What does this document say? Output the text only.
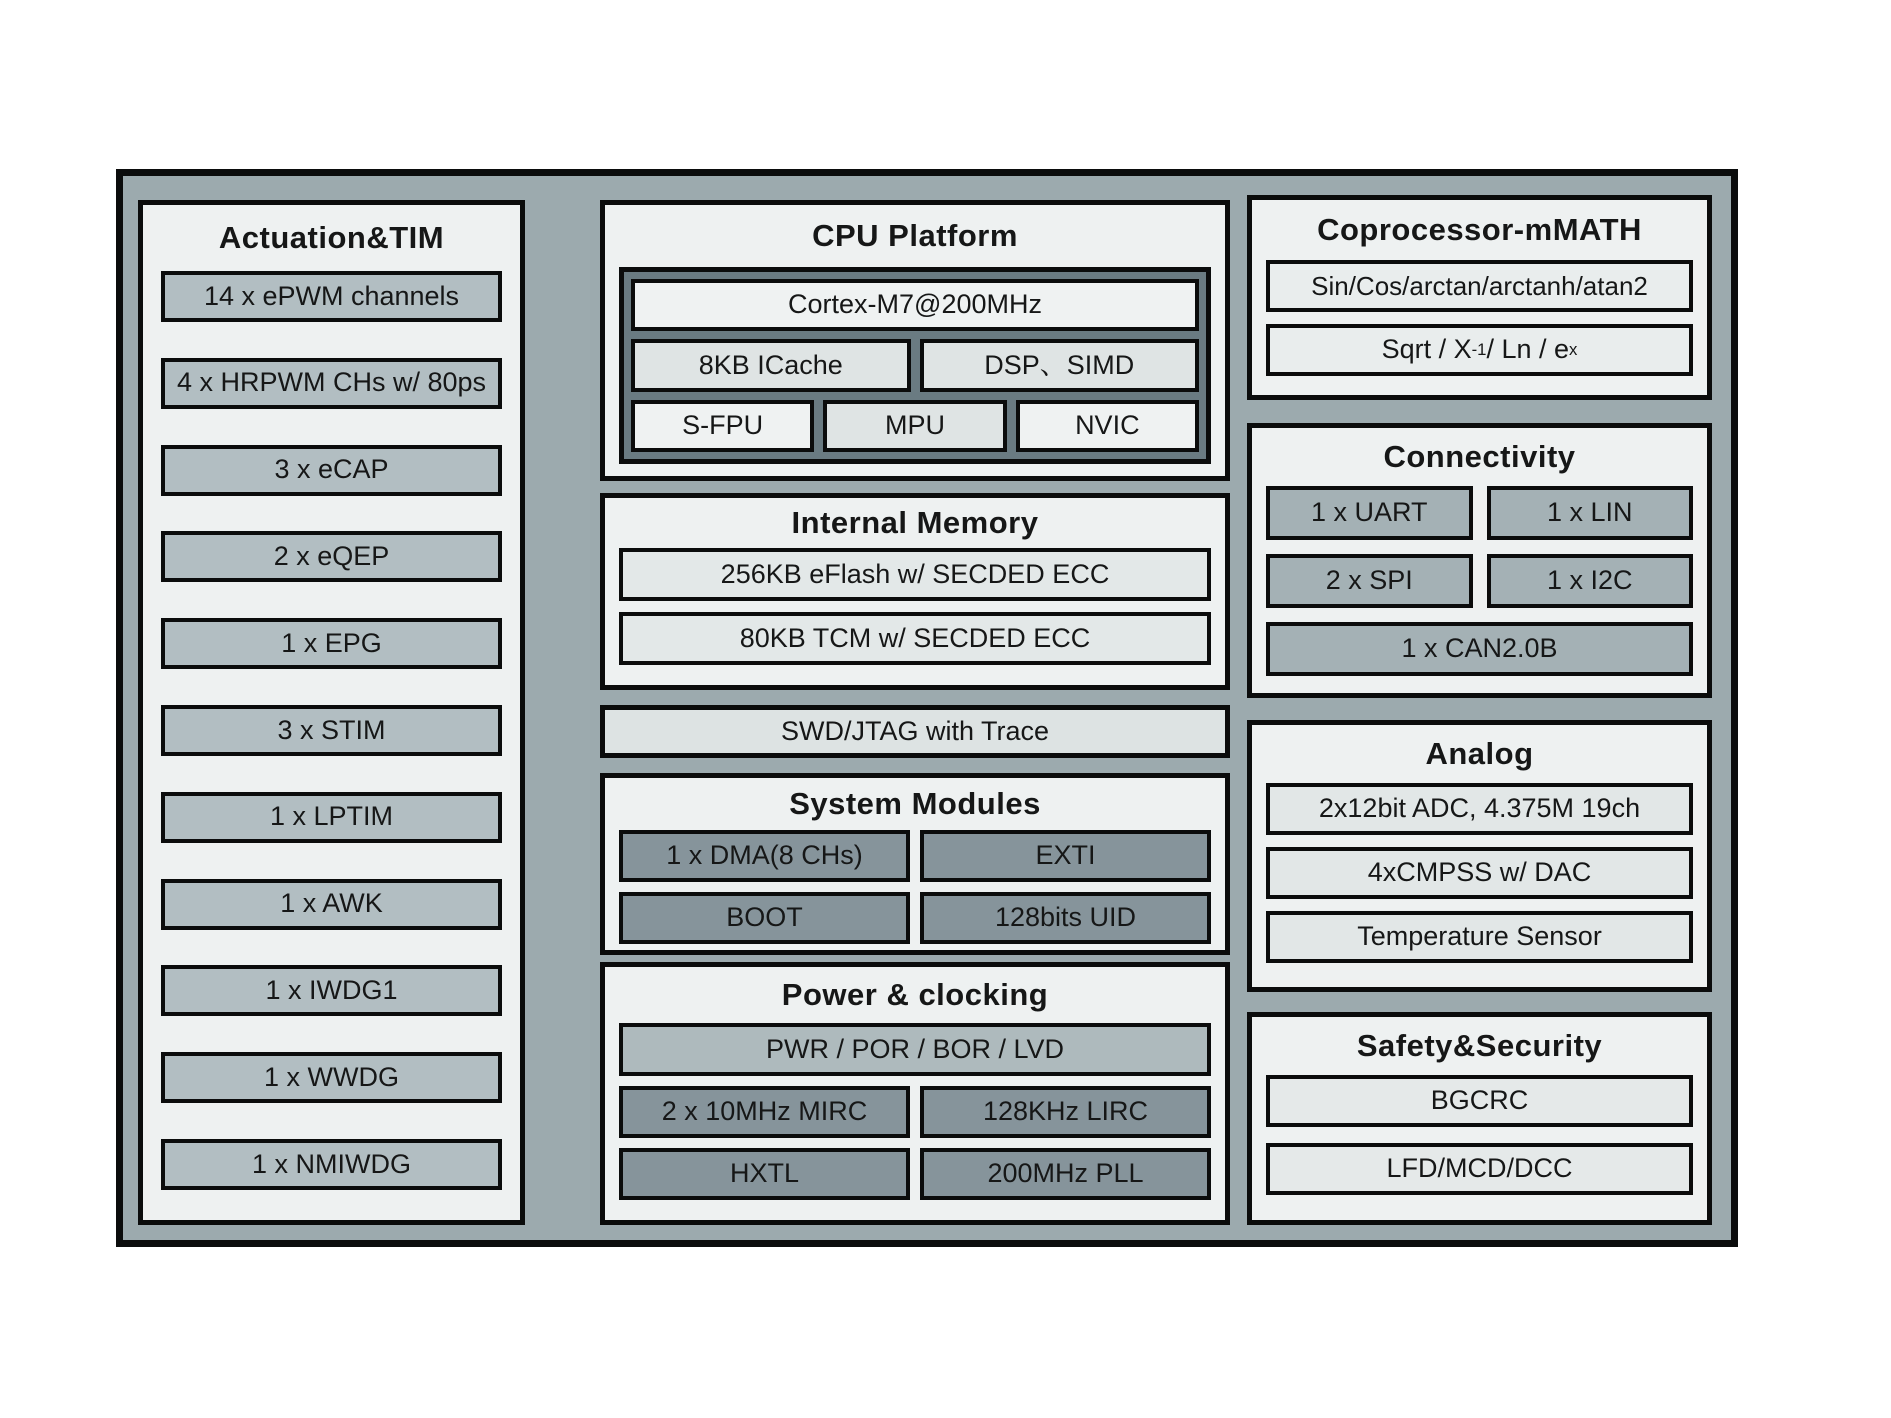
Actuation&TIM
14 x ePWM channels
4 x HRPWM CHs w/ 80ps
3 x eCAP
2 x eQEP
1 x EPG
3 x STIM
1 x LPTIM
1 x AWK
1 x IWDG1
1 x WWDG
1 x NMIWDG
CPU Platform
Cortex-M7@200MHz
8KB ICache	DSP、SIMD
S-FPU	MPU	NVIC
Internal Memory
256KB eFlash w/ SECDED ECC
80KB TCM w/ SECDED ECC
SWD/JTAG with Trace
System Modules
1 x DMA(8 CHs)	EXTI
BOOT	128bits UID
Power & clocking
PWR / POR / BOR / LVD
2 x 10MHz MIRC	128KHz LIRC
HXTL	200MHz PLL
Coprocessor-mMATH
Sin/Cos/arctan/arctanh/atan2
Sqrt / X -1 / Ln / e x
Connectivity
1 x UART	1 x LIN
2 x SPI	1 x I2C
1 x CAN2.0B
Analog
2x12bit ADC, 4.375M 19ch
4xCMPSS w/ DAC
Temperature Sensor
Safety&Security
BGCRC
LFD/MCD/DCC
